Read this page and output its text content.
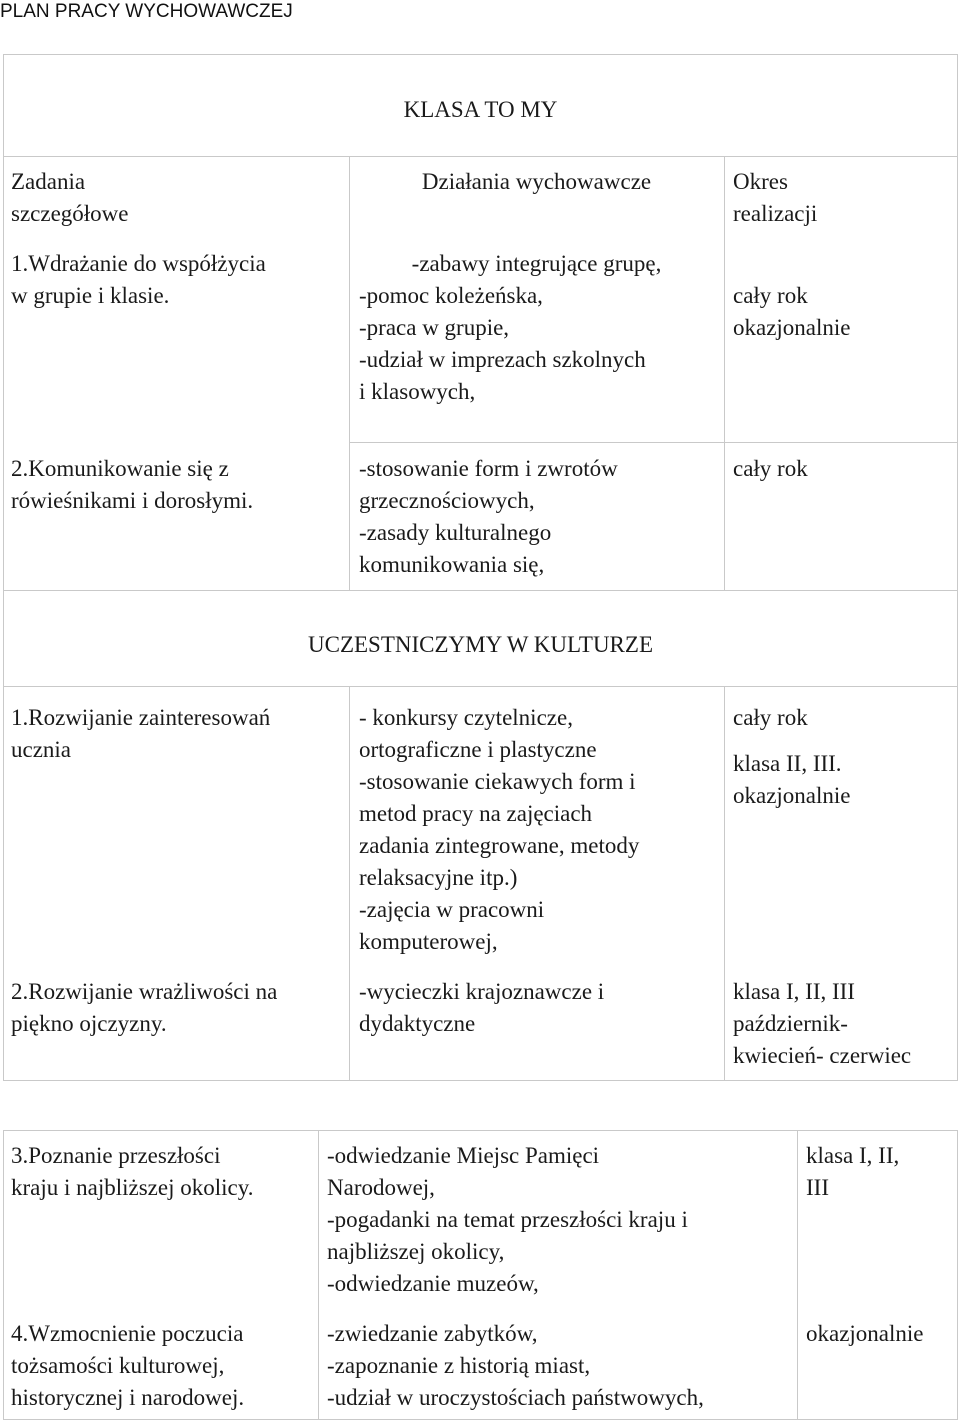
PLAN PRACY WYCHOWAWCZEJ
KLASA TO MY
Zadania
szczegółowe
Działania wychowawcze	Okres
realizacji
1.Wdrażanie do współżycia
w grupie i klasie.
-zabawy integrujące grupę,
-pomoc koleżeńska,
-praca w grupie,
-udział w imprezach szkolnych
i klasowych,
cały rok
okazjonalnie
2.Komunikowanie się z
rówieśnikami i dorosłymi.
-stosowanie form i zwrotów
grzecznościowych,
-zasady kulturalnego
komunikowania się,
cały rok
UCZESTNICZYMY W KULTURZE
1.Rozwijanie zainteresowań
ucznia
- konkursy czytelnicze,
ortograficzne i plastyczne
-stosowanie ciekawych form i
metod pracy na zajęciach
zadania zintegrowane, metody
relaksacyjne itp.)
-zajęcia w pracowni
komputerowej,
cały rok
klasa II, III.
okazjonalnie
2.Rozwijanie wrażliwości na
piękno ojczyzny.
-wycieczki krajoznawcze i
dydaktyczne
klasa I, II, III
październik-
kwiecień- czerwiec
3.Poznanie przeszłości
kraju i najbliższej okolicy.
-odwiedzanie Miejsc Pamięci
Narodowej,
-pogadanki na temat przeszłości kraju i
najbliższej okolicy,
-odwiedzanie muzeów,
klasa I, II,
III
4.Wzmocnienie poczucia
tożsamości kulturowej,
historycznej i narodowej.
-zwiedzanie zabytków,
-zapoznanie z historią miast,
-udział w uroczystościach państwowych,
okazjonalnie
